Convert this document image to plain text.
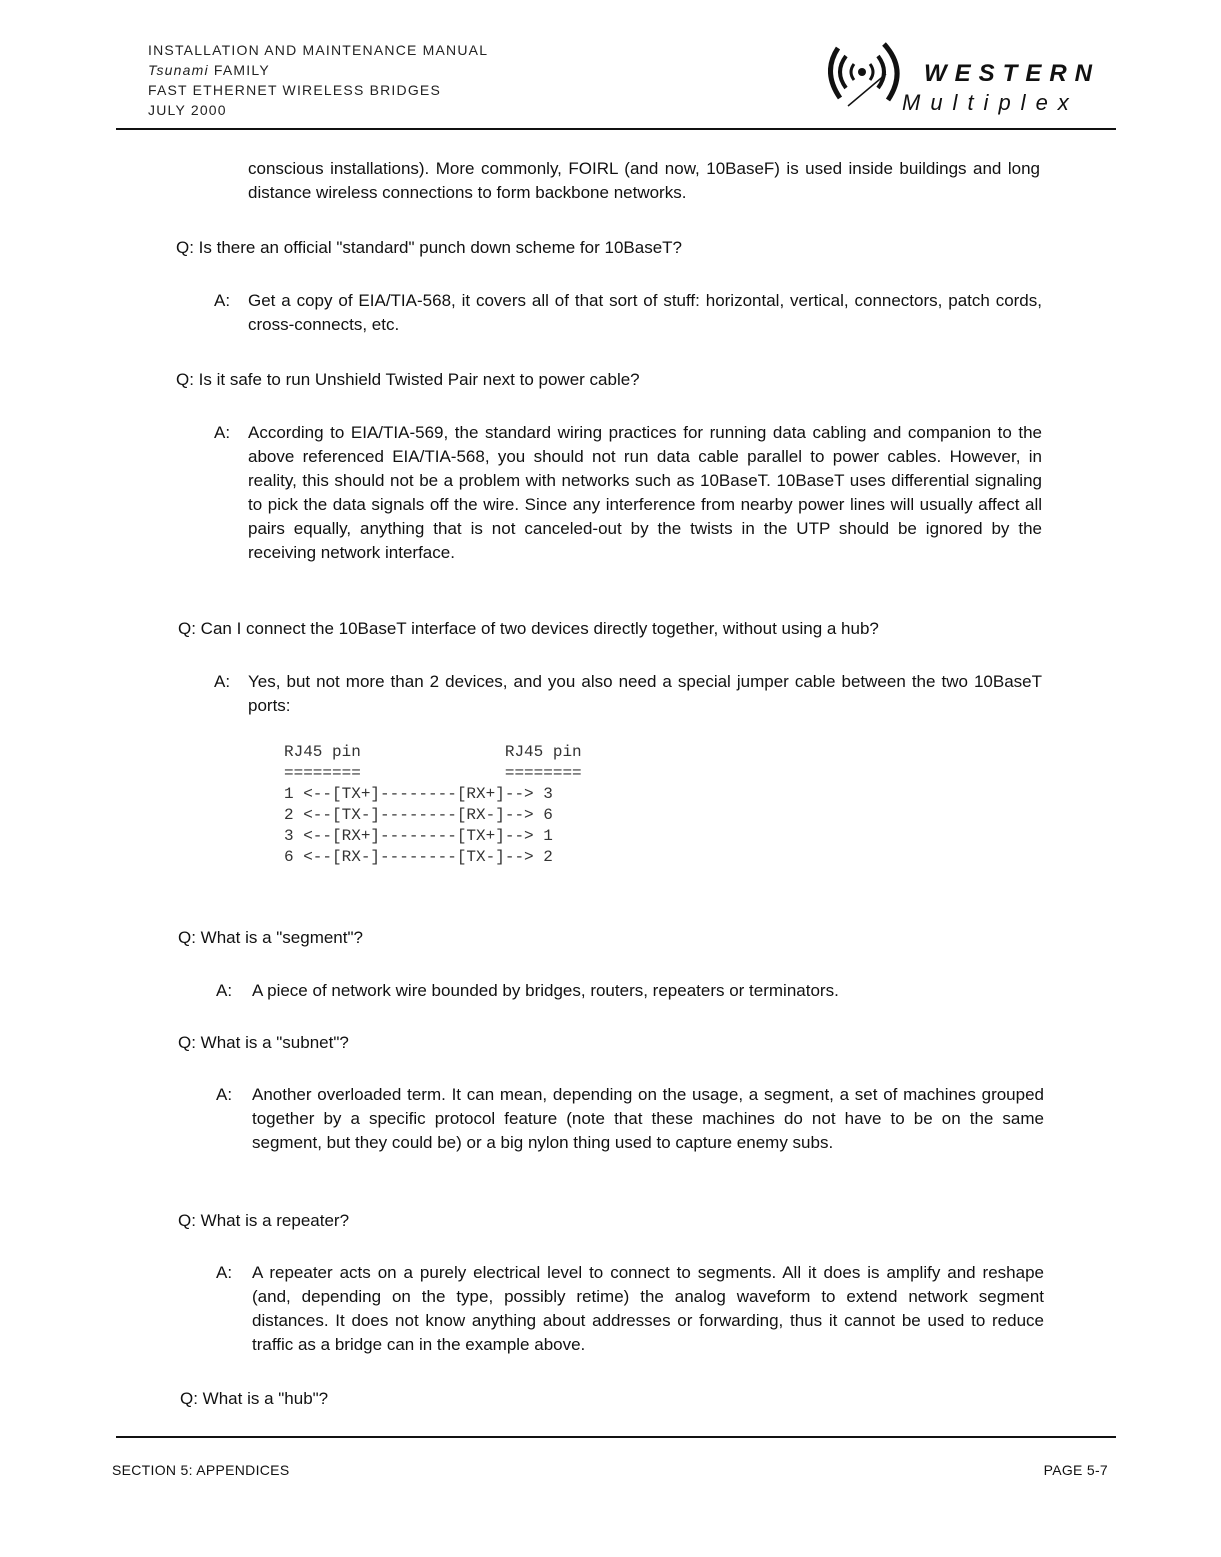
INSTALLATION AND MAINTENANCE MANUAL
Tsunami FAMILY
FAST ETHERNET WIRELESS BRIDGES
JULY 2000
WESTERN
Multiplex
conscious installations). More commonly, FOIRL (and now, 10BaseF) is used inside buildings and long distance wireless connections to form backbone networks.
Q: Is there an official "standard" punch down scheme for 10BaseT?
A: Get a copy of EIA/TIA-568, it covers all of that sort of stuff: horizontal, vertical, connectors, patch cords, cross-connects, etc.
Q: Is it safe to run Unshield Twisted Pair next to power cable?
A: According to EIA/TIA-569, the standard wiring practices for running data cabling and companion to the above referenced EIA/TIA-568, you should not run data cable parallel to power cables. However, in reality, this should not be a problem with networks such as 10BaseT. 10BaseT uses differential signaling to pick the data signals off the wire. Since any interference from nearby power lines will usually affect all pairs equally, anything that is not canceled-out by the twists in the UTP should be ignored by the receiving network interface.
Q: Can I connect the 10BaseT interface of two devices directly together, without using a hub?
A: Yes, but not more than 2 devices, and you also need a special jumper cable between the two 10BaseT ports:
RJ45 pin               RJ45 pin
========               ========
1 <--[TX+]--------[RX+]--> 3
2 <--[TX-]--------[RX-]--> 6
3 <--[RX+]--------[TX+]--> 1
6 <--[RX-]--------[TX-]--> 2
Q: What is a "segment"?
A: A piece of network wire bounded by bridges, routers, repeaters or terminators.
Q: What is a "subnet"?
A: Another overloaded term. It can mean, depending on the usage, a segment, a set of machines grouped together by a specific protocol feature (note that these machines do not have to be on the same segment, but they could be) or a big nylon thing used to capture enemy subs.
Q: What is a repeater?
A: A repeater acts on a purely electrical level to connect to segments. All it does is amplify and reshape (and, depending on the type, possibly retime) the analog waveform to extend network segment distances. It does not know anything about addresses or forwarding, thus it cannot be used to reduce traffic as a bridge can in the example above.
Q: What is a "hub"?
SECTION 5: APPENDICES	PAGE 5-7
